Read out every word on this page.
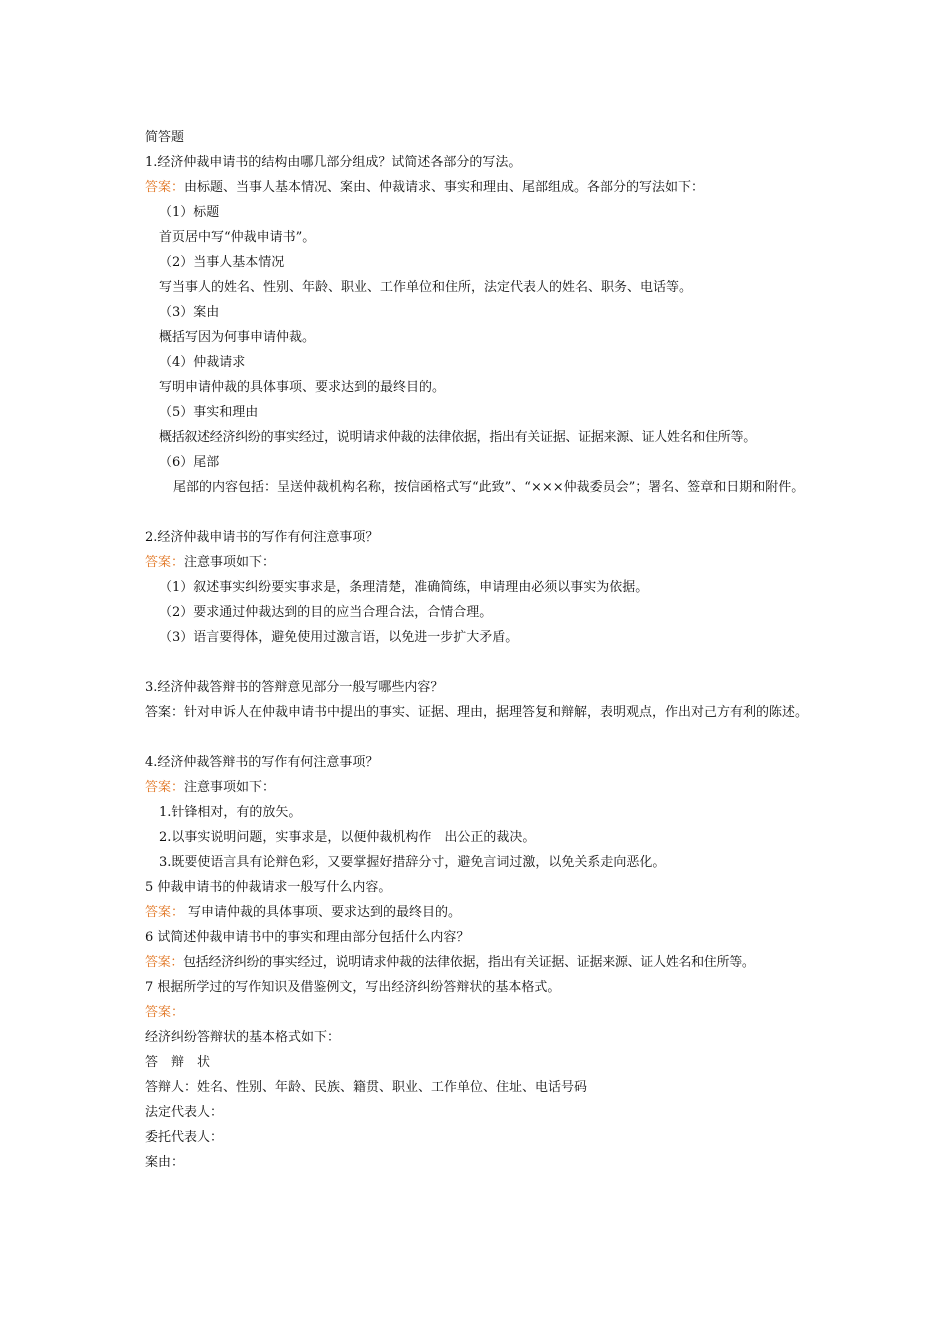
简答题
1.经济仲裁申请书的结构由哪几部分组成？试简述各部分的写法。
答案：由标题、当事人基本情况、案由、仲裁请求、事实和理由、尾部组成。各部分的写法如下：
（1）标题
首页居中写“仲裁申请书”。
（2）当事人基本情况
写当事人的姓名、性别、年龄、职业、工作单位和住所，法定代表人的姓名、职务、电话等。
（3）案由
概括写因为何事申请仲裁。
（4）仲裁请求
写明申请仲裁的具体事项、要求达到的最终目的。
（5）事实和理由
概括叙述经济纠纷的事实经过，说明请求仲裁的法律依据，指出有关证据、证据来源、证人姓名和住所等。
（6）尾部
尾部的内容包括：呈送仲裁机构名称，按信函格式写“此致”、“×××仲裁委员会”；署名、签章和日期和附件。
2.经济仲裁申请书的写作有何注意事项？
答案：注意事项如下：
（1）叙述事实纠纷要实事求是，条理清楚，准确简练，申请理由必须以事实为依据。
（2）要求通过仲裁达到的目的应当合理合法，合情合理。
（3）语言要得体，避免使用过激言语，以免进一步扩大矛盾。
3.经济仲裁答辩书的答辩意见部分一般写哪些内容？
答案：针对申诉人在仲裁申请书中提出的事实、证据、理由，据理答复和辩解，表明观点，作出对己方有利的陈述。
4.经济仲裁答辩书的写作有何注意事项？
答案：注意事项如下：
1.针锋相对，有的放矢。
2.以事实说明问题，实事求是，以便仲裁机构作　出公正的裁决。
3.既要使语言具有论辩色彩，又要掌握好措辞分寸，避免言词过激，以免关系走向恶化。
5 仲裁申请书的仲裁请求一般写什么内容。
答案： 写申请仲裁的具体事项、要求达到的最终目的。
6 试简述仲裁申请书中的事实和理由部分包括什么内容？
答案：包括经济纠纷的事实经过，说明请求仲裁的法律依据，指出有关证据、证据来源、证人姓名和住所等。
7 根据所学过的写作知识及借鉴例文，写出经济纠纷答辩状的基本格式。
答案：
经济纠纷答辩状的基本格式如下：
答　辩　状
答辩人：姓名、性别、年龄、民族、籍贯、职业、工作单位、住址、电话号码
法定代表人：
委托代表人：
案由：
